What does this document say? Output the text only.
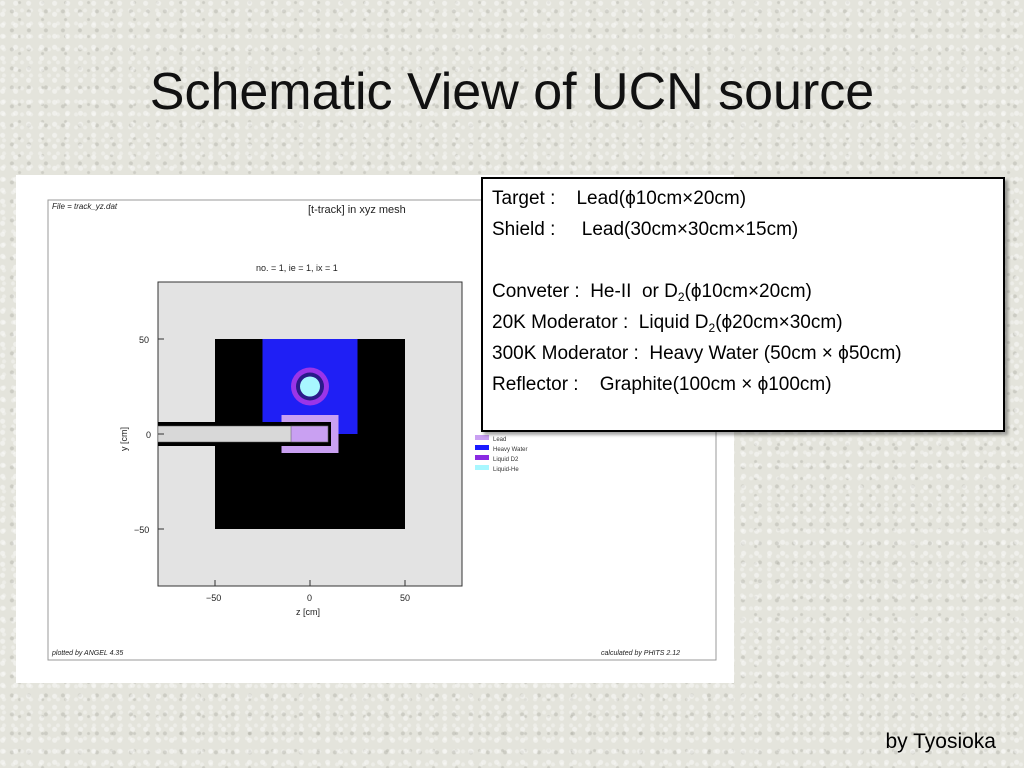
Schematic View of UCN source
File = track_yz.dat	[t-track] in xyz mesh
no. = 1, ie = 1, ix = 1
−50	0	50
50
0
−50
z [cm]
y [cm]	Lead
Heavy Water
Liquid D2
Liquid-He
plotted by ANGEL 4.35	calculated by PHITS 2.12
Target :    Lead(ϕ10cm×20cm)
Shield :     Lead(30cm×30cm×15cm)
Conveter :  He-II  or $D_2(\phi 10cm\times 20cm)$
20K Moderator :  Liquid $D_2(\phi 20cm\times 30cm)$
300K Moderator :  Heavy Water (50cm × ϕ50cm)
Reflector :    Graphite(100cm × ϕ100cm)
by Tyosioka
